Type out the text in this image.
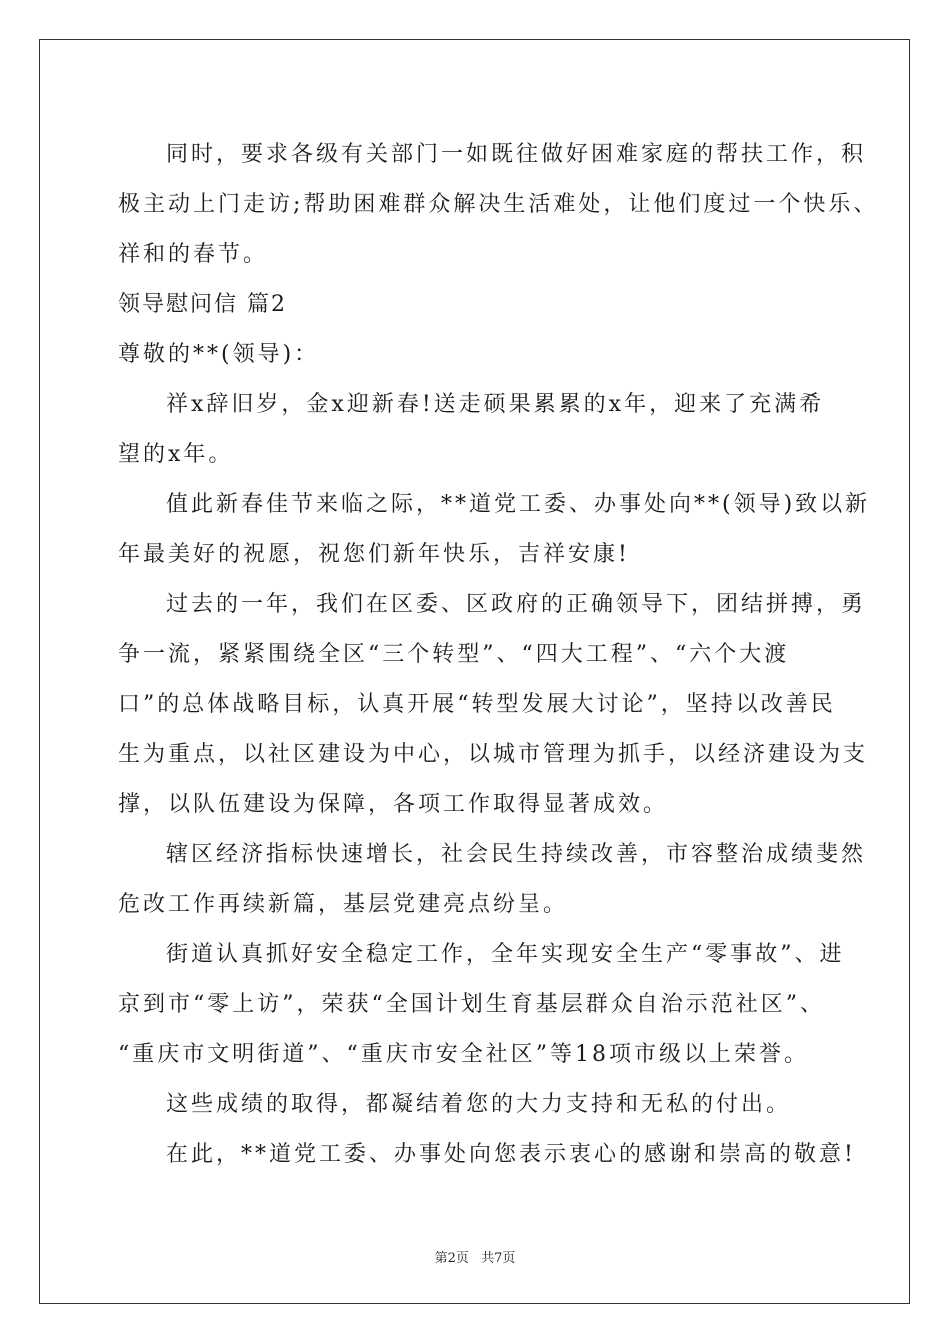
同时，要求各级有关部门一如既往做好困难家庭的帮扶工作，积
极主动上门走访;帮助困难群众解决生活难处，让他们度过一个快乐、
祥和的春节。
领导慰问信 篇2
尊敬的**(领导)：
祥x辞旧岁，金x迎新春!送走硕果累累的x年，迎来了充满希
望的x年。
值此新春佳节来临之际，**道党工委、办事处向**(领导)致以新
年最美好的祝愿，祝您们新年快乐，吉祥安康!
过去的一年，我们在区委、区政府的正确领导下，团结拼搏，勇
争一流，紧紧围绕全区“三个转型”、“四大工程”、“六个大渡
口”的总体战略目标，认真开展“转型发展大讨论”，坚持以改善民
生为重点，以社区建设为中心，以城市管理为抓手，以经济建设为支
撑，以队伍建设为保障，各项工作取得显著成效。
辖区经济指标快速增长，社会民生持续改善，市容整治成绩斐然
危改工作再续新篇，基层党建亮点纷呈。
街道认真抓好安全稳定工作，全年实现安全生产“零事故”、进
京到市“零上访”，荣获“全国计划生育基层群众自治示范社区”、
“重庆市文明街道”、“重庆市安全社区”等18项市级以上荣誉。
这些成绩的取得，都凝结着您的大力支持和无私的付出。
在此，**道党工委、办事处向您表示衷心的感谢和崇高的敬意!
第2页 共7页
